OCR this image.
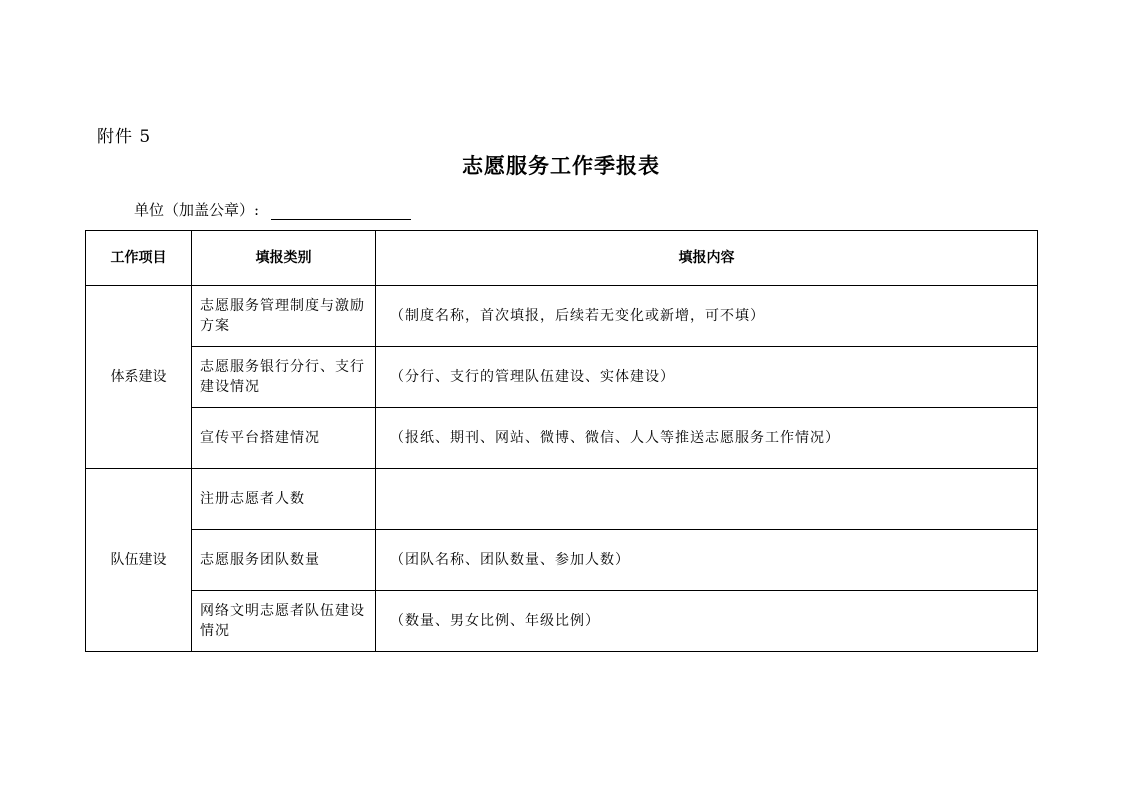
附件 5
志愿服务工作季报表
单位（加盖公章）:
工作项目	填报类别	填报内容
体系建设	志愿服务管理制度与激励方案	（制度名称，首次填报，后续若无变化或新增，可不填）
	志愿服务银行分行、支行建设情况	（分行、支行的管理队伍建设、实体建设）
	宣传平台搭建情况	（报纸、期刊、网站、微博、微信、人人等推送志愿服务工作情况）
队伍建设	注册志愿者人数	
	志愿服务团队数量	（团队名称、团队数量、参加人数）
	网络文明志愿者队伍建设情况	（数量、男女比例、年级比例）
